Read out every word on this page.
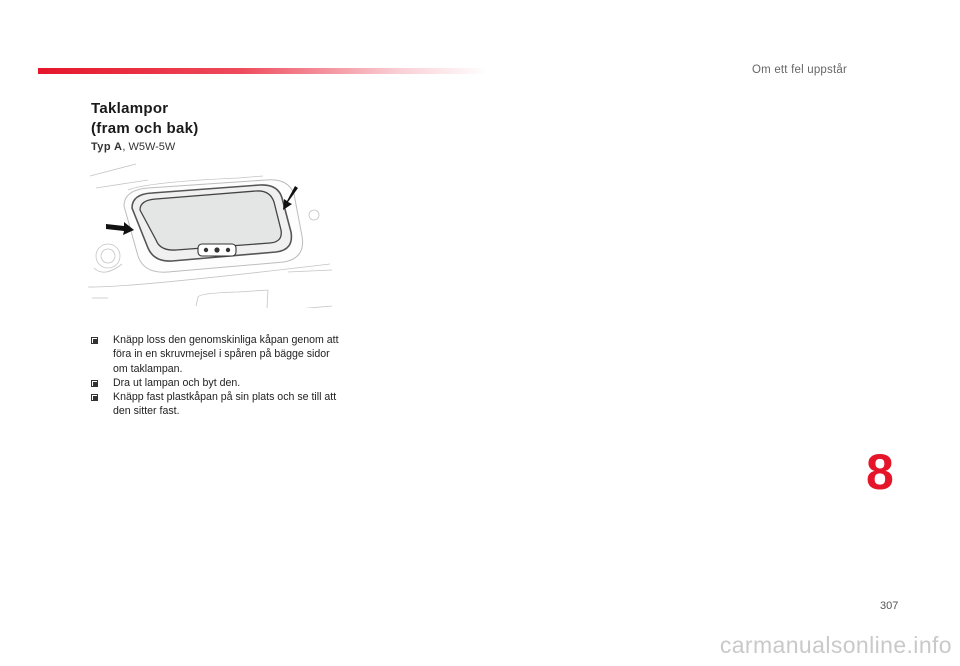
Om ett fel uppstår
Taklampor
(fram och bak)
Typ A, W5W-5W
Knäpp loss den genomskinliga kåpan genom att föra in en skruvmejsel i spåren på bägge sidor om taklampan.
Dra ut lampan och byt den.
Knäpp fast plastkåpan på sin plats och se till att den sitter fast.
8
307
carmanualsonline.info
